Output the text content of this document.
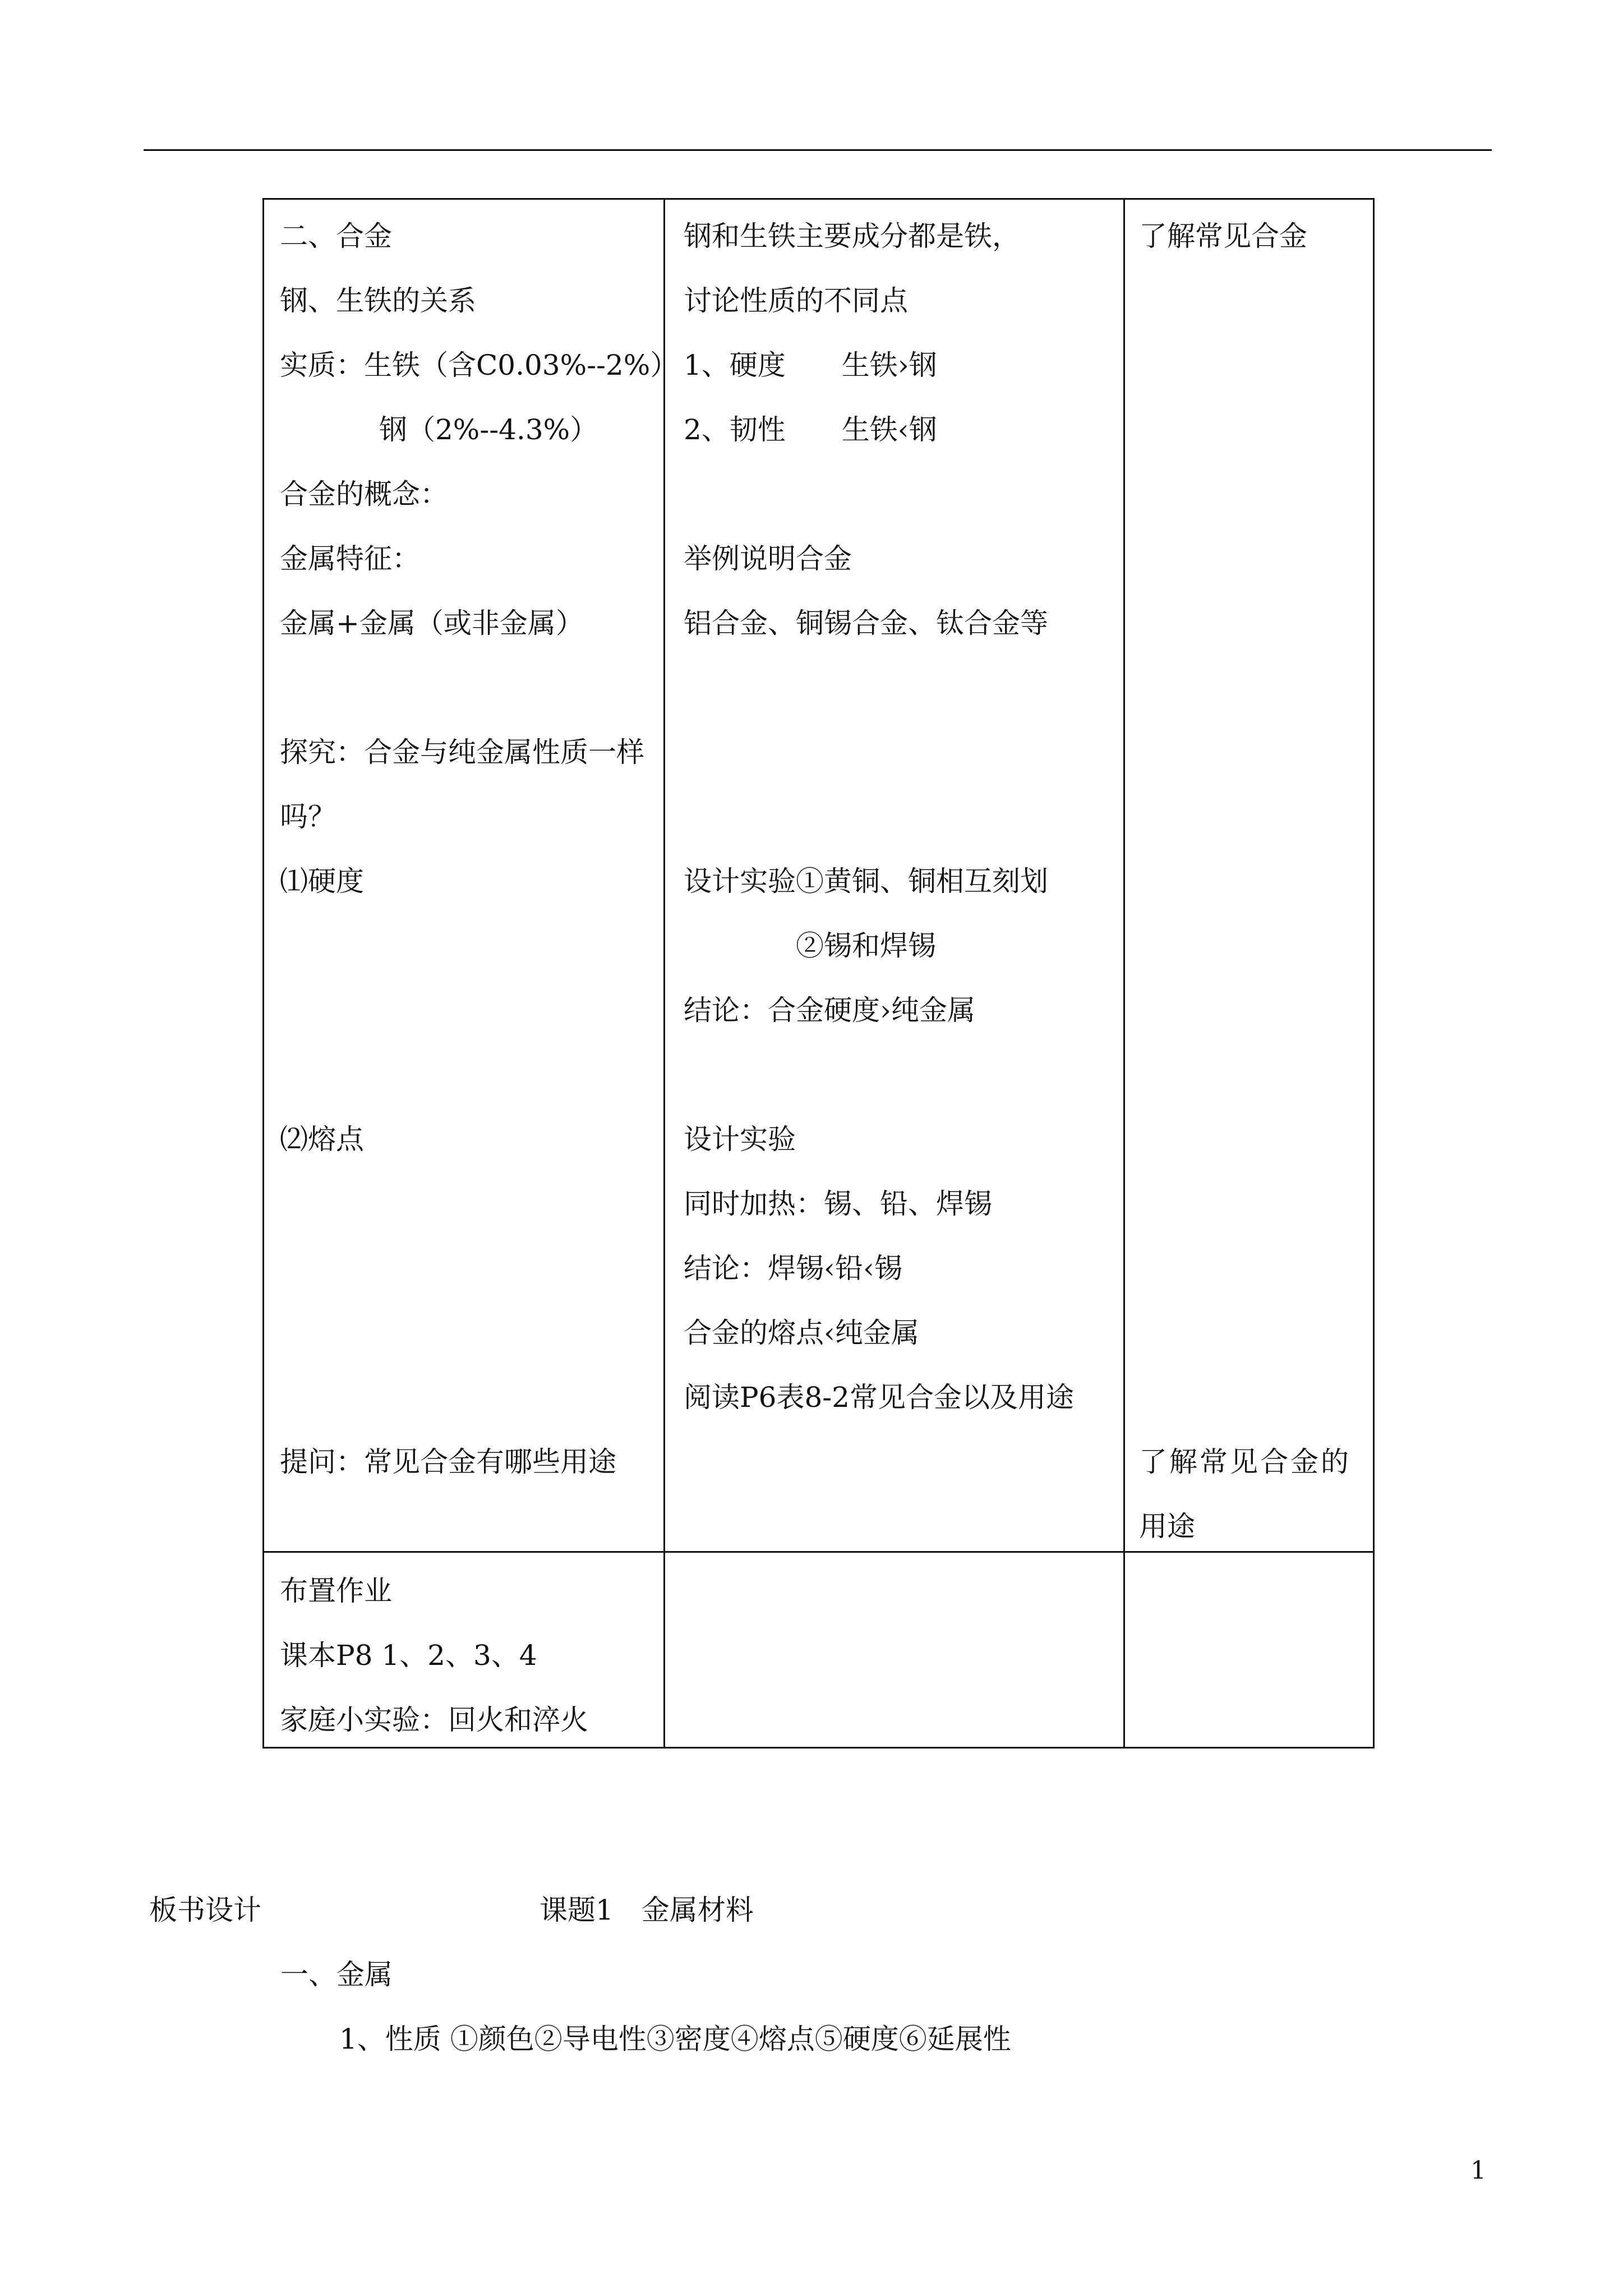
二、合金
钢、生铁的关系
实质：生铁（含C0.03%--2%）
钢（2%--4.3%）
合金的概念：
金属特征：
金属+金属（或非金属）
探究：合金与纯金属性质一样
吗？
⑴硬度
⑵熔点
提问：常见合金有哪些用途
钢和生铁主要成分都是铁，
讨论性质的不同点
1、硬度　　生铁›钢
2、韧性　　生铁‹钢
举例说明合金
铝合金、铜锡合金、钛合金等
设计实验①黄铜、铜相互刻划
②锡和焊锡
结论：合金硬度›纯金属
设计实验
同时加热：锡、铅、焊锡
结论：焊锡‹铅‹锡
合金的熔点‹纯金属
阅读P6表8-2常见合金以及用途
了解常见合金
了解常见合金的
用途
布置作业
课本P8 1、2、3、4
家庭小实验：回火和淬火
板书设计	课题1　金属材料
一、金属
1、性质 ①颜色②导电性③密度④熔点⑤硬度⑥延展性
1
